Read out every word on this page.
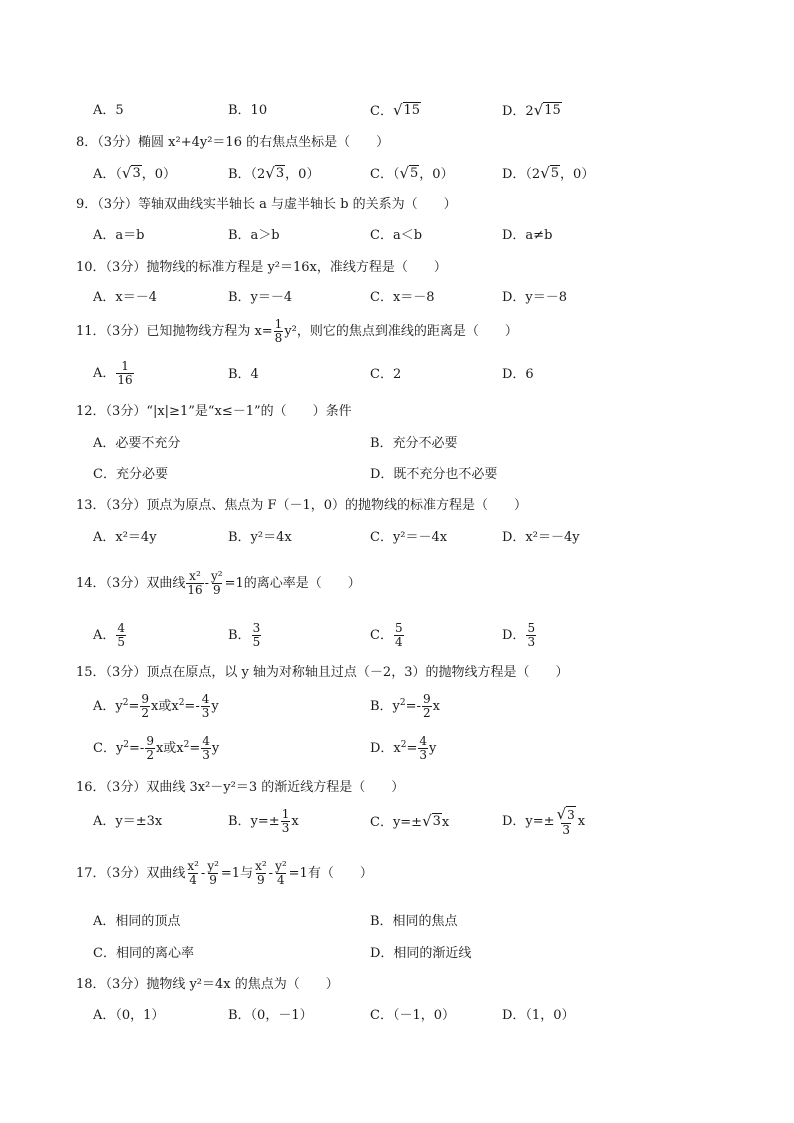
A．5	B．10	C． √ 15	D．2 √ 15
8．（3分）椭圆 x²+4y²＝16 的右焦点坐标是（　　）
A．（ √ 3 ，0）	B．（2 √ 3 ，0）	C．（ √ 5 ，0）	D．（2 √ 5 ，0）
9．（3分）等轴双曲线实半轴长 a 与虚半轴长 b 的关系为（　　）
A．a＝b	B．a＞b	C．a＜b	D．a≠b
10．（3分）抛物线的标准方程是 y²＝16x，准线方程是（　　）
A．x＝－4	B．y＝－4	C．x＝－8	D．y＝－8
11．（3分）已知抛物线方程为 $x= \frac{1}{8} y^2$，则它的焦点到准线的距离是（　　）
A． $\frac{1}{16}$	B．4	C．2	D．6
12．（3分）“|x|≥1”是“x≤－1”的（　　）条件
A．必要不充分	B．充分不必要
C．充分必要	D．既不充分也不必要
13．（3分）顶点为原点、焦点为 F（－1，0）的抛物线的标准方程是（　　）
A．x²＝4y	B．y²＝4x	C．y²＝－4x	D．x²＝－4y
14．（3分）双曲线 $\frac{\text{x²}}{16} - \frac{\text{y²}}{9} =1$的离心率是（　　）
A． $\frac{4}{5}$	B． $\frac{3}{5}$	C． $\frac{5}{4}$	D． $\frac{5}{3}$
15．（3分）顶点在原点，以 y 轴为对称轴且过点（－2，3）的抛物线方程是（　　）
A．$y^2= \frac{9}{2}$ x或$x^2=- \frac{4}{3}$ y	B．$y^2=- \frac{9}{2}$ x
C．$y^2=- \frac{9}{2}$ x或$x^2= \frac{4}{3}$ y	D．$x^2= \frac{4}{3}$ y
16．（3分）双曲线 3x²－y²＝3 的渐近线方程是（　　）
A．y＝±3x	B．$y=\pm \frac{1}{3}$ x	C．y=± √ 3 x	D．$y=\pm \frac{√ 3}{3}$ x
17．（3分）双曲线 $\frac{\text{x²}}{4} - \frac{\text{y²}}{9} =1$与 $\frac{\text{x²}}{9} - \frac{\text{y²}}{4} =1$有（　　）
A．相同的顶点	B．相同的焦点
C．相同的离心率	D．相同的渐近线
18．（3分）抛物线 y²＝4x 的焦点为（　　）
A．（0，1）	B．（0，－1）	C．（－1，0）	D．（1，0）
